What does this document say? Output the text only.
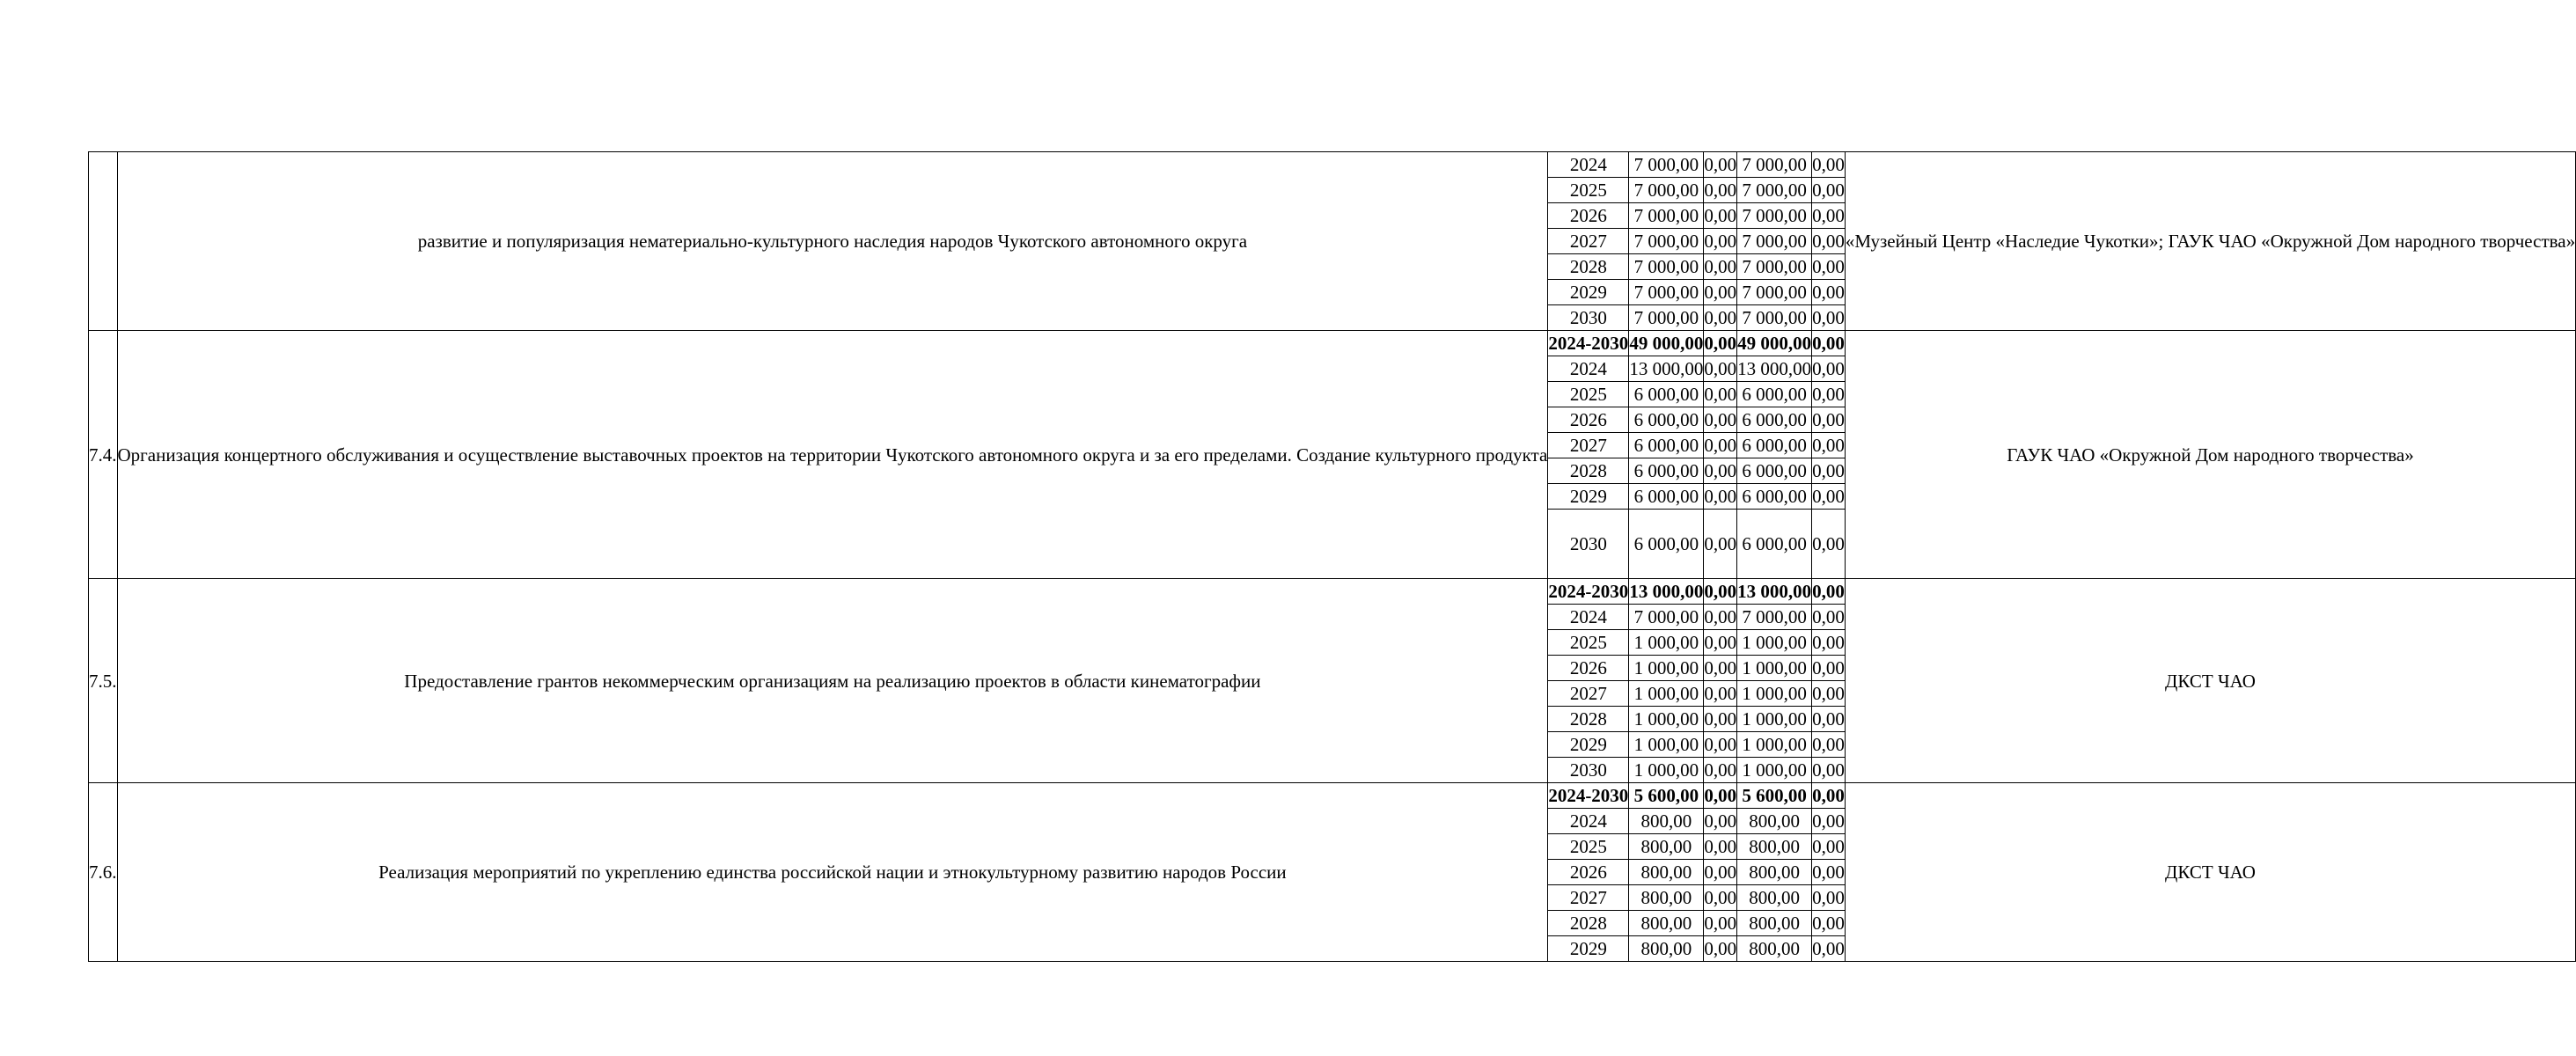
	развитие и популяризация нематериально-культурного наследия народов Чукотского автономного округа	2024	7 000,00	0,00	7 000,00	0,00	«Музейный Центр «Наследие Чукотки»; ГАУК ЧАО «Окружной Дом народного творчества»
		2025	7 000,00	0,00	7 000,00	0,00	
		2026	7 000,00	0,00	7 000,00	0,00	
		2027	7 000,00	0,00	7 000,00	0,00	
		2028	7 000,00	0,00	7 000,00	0,00	
		2029	7 000,00	0,00	7 000,00	0,00	
		2030	7 000,00	0,00	7 000,00	0,00	
7.4.	Организация концертного обслуживания и осуществление выставочных проектов на территории Чукотского автономного округа и за его пределами. Создание культурного продукта	2024-2030	49 000,00	0,00	49 000,00	0,00	ГАУК ЧАО «Окружной Дом народного творчества»
		2024	13 000,00	0,00	13 000,00	0,00	
		2025	6 000,00	0,00	6 000,00	0,00	
		2026	6 000,00	0,00	6 000,00	0,00	
		2027	6 000,00	0,00	6 000,00	0,00	
		2028	6 000,00	0,00	6 000,00	0,00	
		2029	6 000,00	0,00	6 000,00	0,00	
		2030	6 000,00	0,00	6 000,00	0,00	
7.5.	Предоставление грантов некоммерческим организациям на реализацию проектов в области кинематографии	2024-2030	13 000,00	0,00	13 000,00	0,00	ДКСТ ЧАО
		2024	7 000,00	0,00	7 000,00	0,00	
		2025	1 000,00	0,00	1 000,00	0,00	
		2026	1 000,00	0,00	1 000,00	0,00	
		2027	1 000,00	0,00	1 000,00	0,00	
		2028	1 000,00	0,00	1 000,00	0,00	
		2029	1 000,00	0,00	1 000,00	0,00	
		2030	1 000,00	0,00	1 000,00	0,00	
7.6.	Реализация мероприятий по укреплению единства российской нации и этнокультурному развитию народов России	2024-2030	5 600,00	0,00	5 600,00	0,00	ДКСТ ЧАО
		2024	800,00	0,00	800,00	0,00	
		2025	800,00	0,00	800,00	0,00	
		2026	800,00	0,00	800,00	0,00	
		2027	800,00	0,00	800,00	0,00	
		2028	800,00	0,00	800,00	0,00	
		2029	800,00	0,00	800,00	0,00	
